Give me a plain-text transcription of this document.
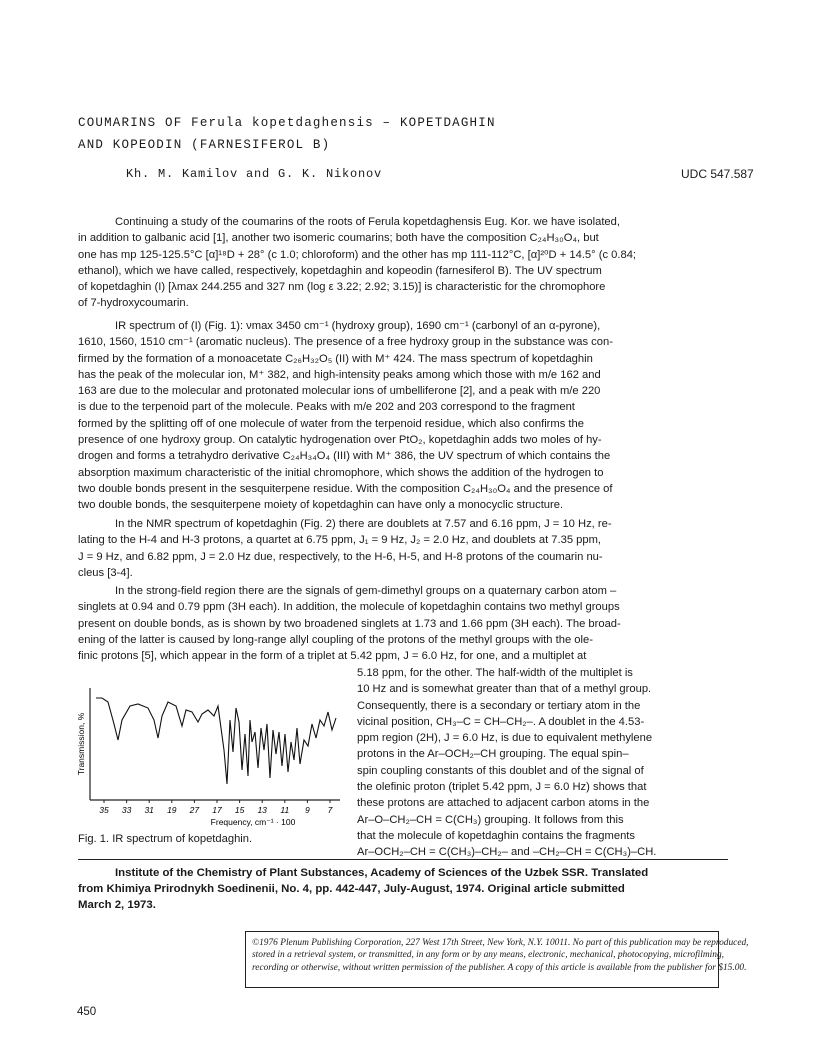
COUMARINS OF Ferula kopetdaghensis – KOPETDAGHIN
AND KOPEODIN (FARNESIFEROL B)
Kh. M. Kamilov and G. K. Nikonov	UDC 547.587
Continuing a study of the coumarins of the roots of Ferula kopetdaghensis Eug. Kor. we have isolated,
in addition to galbanic acid [1], another two isomeric coumarins; both have the composition C₂₄H₃₀O₄, but
one has mp 125-125.5°C [α]¹⁸D + 28° (c 1.0; chloroform) and the other has mp 111-112°C, [α]²⁰D + 14.5° (c 0.84;
ethanol), which we have called, respectively, kopetdaghin and kopeodin (farnesiferol B). The UV spectrum
of kopetdaghin (I) [λmax 244.255 and 327 nm (log ε 3.22; 2.92; 3.15)] is characteristic for the chromophore
of 7-hydroxycoumarin.
IR spectrum of (I) (Fig. 1): νmax 3450 cm⁻¹ (hydroxy group), 1690 cm⁻¹ (carbonyl of an α-pyrone),
1610, 1560, 1510 cm⁻¹ (aromatic nucleus). The presence of a free hydroxy group in the substance was con-
firmed by the formation of a monoacetate C₂₆H₃₂O₅ (II) with M⁺ 424. The mass spectrum of kopetdaghin
has the peak of the molecular ion, M⁺ 382, and high-intensity peaks among which those with m/e 162 and
163 are due to the molecular and protonated molecular ions of umbelliferone [2], and a peak with m/e 220
is due to the terpenoid part of the molecule. Peaks with m/e 202 and 203 correspond to the fragment
formed by the splitting off of one molecule of water from the terpenoid residue, which also confirms the
presence of one hydroxy group. On catalytic hydrogenation over PtO₂, kopetdaghin adds two moles of hy-
drogen and forms a tetrahydro derivative C₂₄H₃₄O₄ (III) with M⁺ 386, the UV spectrum of which contains the
absorption maximum characteristic of the initial chromophore, which shows the addition of the hydrogen to
two double bonds present in the sesquiterpene residue. With the composition C₂₄H₃₀O₄ and the presence of
two double bonds, the sesquiterpene moiety of kopetdaghin can have only a monocyclic structure.
In the NMR spectrum of kopetdaghin (Fig. 2) there are doublets at 7.57 and 6.16 ppm, J = 10 Hz, re-
lating to the H-4 and H-3 protons, a quartet at 6.75 ppm, J₁ = 9 Hz, J₂ = 2.0 Hz, and doublets at 7.35 ppm,
J = 9 Hz, and 6.82 ppm, J = 2.0 Hz due, respectively, to the H-6, H-5, and H-8 protons of the coumarin nu-
cleus [3-4].
In the strong-field region there are the signals of gem-dimethyl groups on a quaternary carbon atom –
singlets at 0.94 and 0.79 ppm (3H each). In addition, the molecule of kopetdaghin contains two methyl groups
present on double bonds, as is shown by two broadened singlets at 1.73 and 1.66 ppm (3H each). The broad-
ening of the latter is caused by long-range allyl coupling of the protons of the methyl groups with the ole-
finic protons [5], which appear in the form of a triplet at 5.42 ppm, J = 6.0 Hz, for one, and a multiplet at
5.18 ppm, for the other. The half-width of the multiplet is
10 Hz and is somewhat greater than that of a methyl group.
Consequently, there is a secondary or tertiary atom in the
vicinal position, CH₃–C = CH–CH₂–. A doublet in the 4.53-
ppm region (2H), J = 6.0 Hz, is due to equivalent methylene
protons in the Ar–OCH₂–CH grouping. The equal spin–
spin coupling constants of this doublet and of the signal of
the olefinic proton (triplet 5.42 ppm, J = 6.0 Hz) shows that
these protons are attached to adjacent carbon atoms in the
Ar–O–CH₂–CH = C(CH₃) grouping. It follows from this
that the molecule of kopetdaghin contains the fragments
Ar–OCH₂–CH = C(CH₃)–CH₂– and –CH₂–CH = C(CH₃)–CH.
Transmission, %
35 33 31 19 27 17 15 13 11 9 7
Frequency, cm⁻¹ · 100
Fig. 1. IR spectrum of kopetdaghin.
Institute of the Chemistry of Plant Substances, Academy of Sciences of the Uzbek SSR. Translated
from Khimiya Prirodnykh Soedinenii, No. 4, pp. 442-447, July-August, 1974. Original article submitted
March 2, 1973.
©1976 Plenum Publishing Corporation, 227 West 17th Street, New York, N.Y. 10011. No part of this publication may be reproduced,
stored in a retrieval system, or transmitted, in any form or by any means, electronic, mechanical, photocopying, microfilming,
recording or otherwise, without written permission of the publisher. A copy of this article is available from the publisher for $15.00.
450
